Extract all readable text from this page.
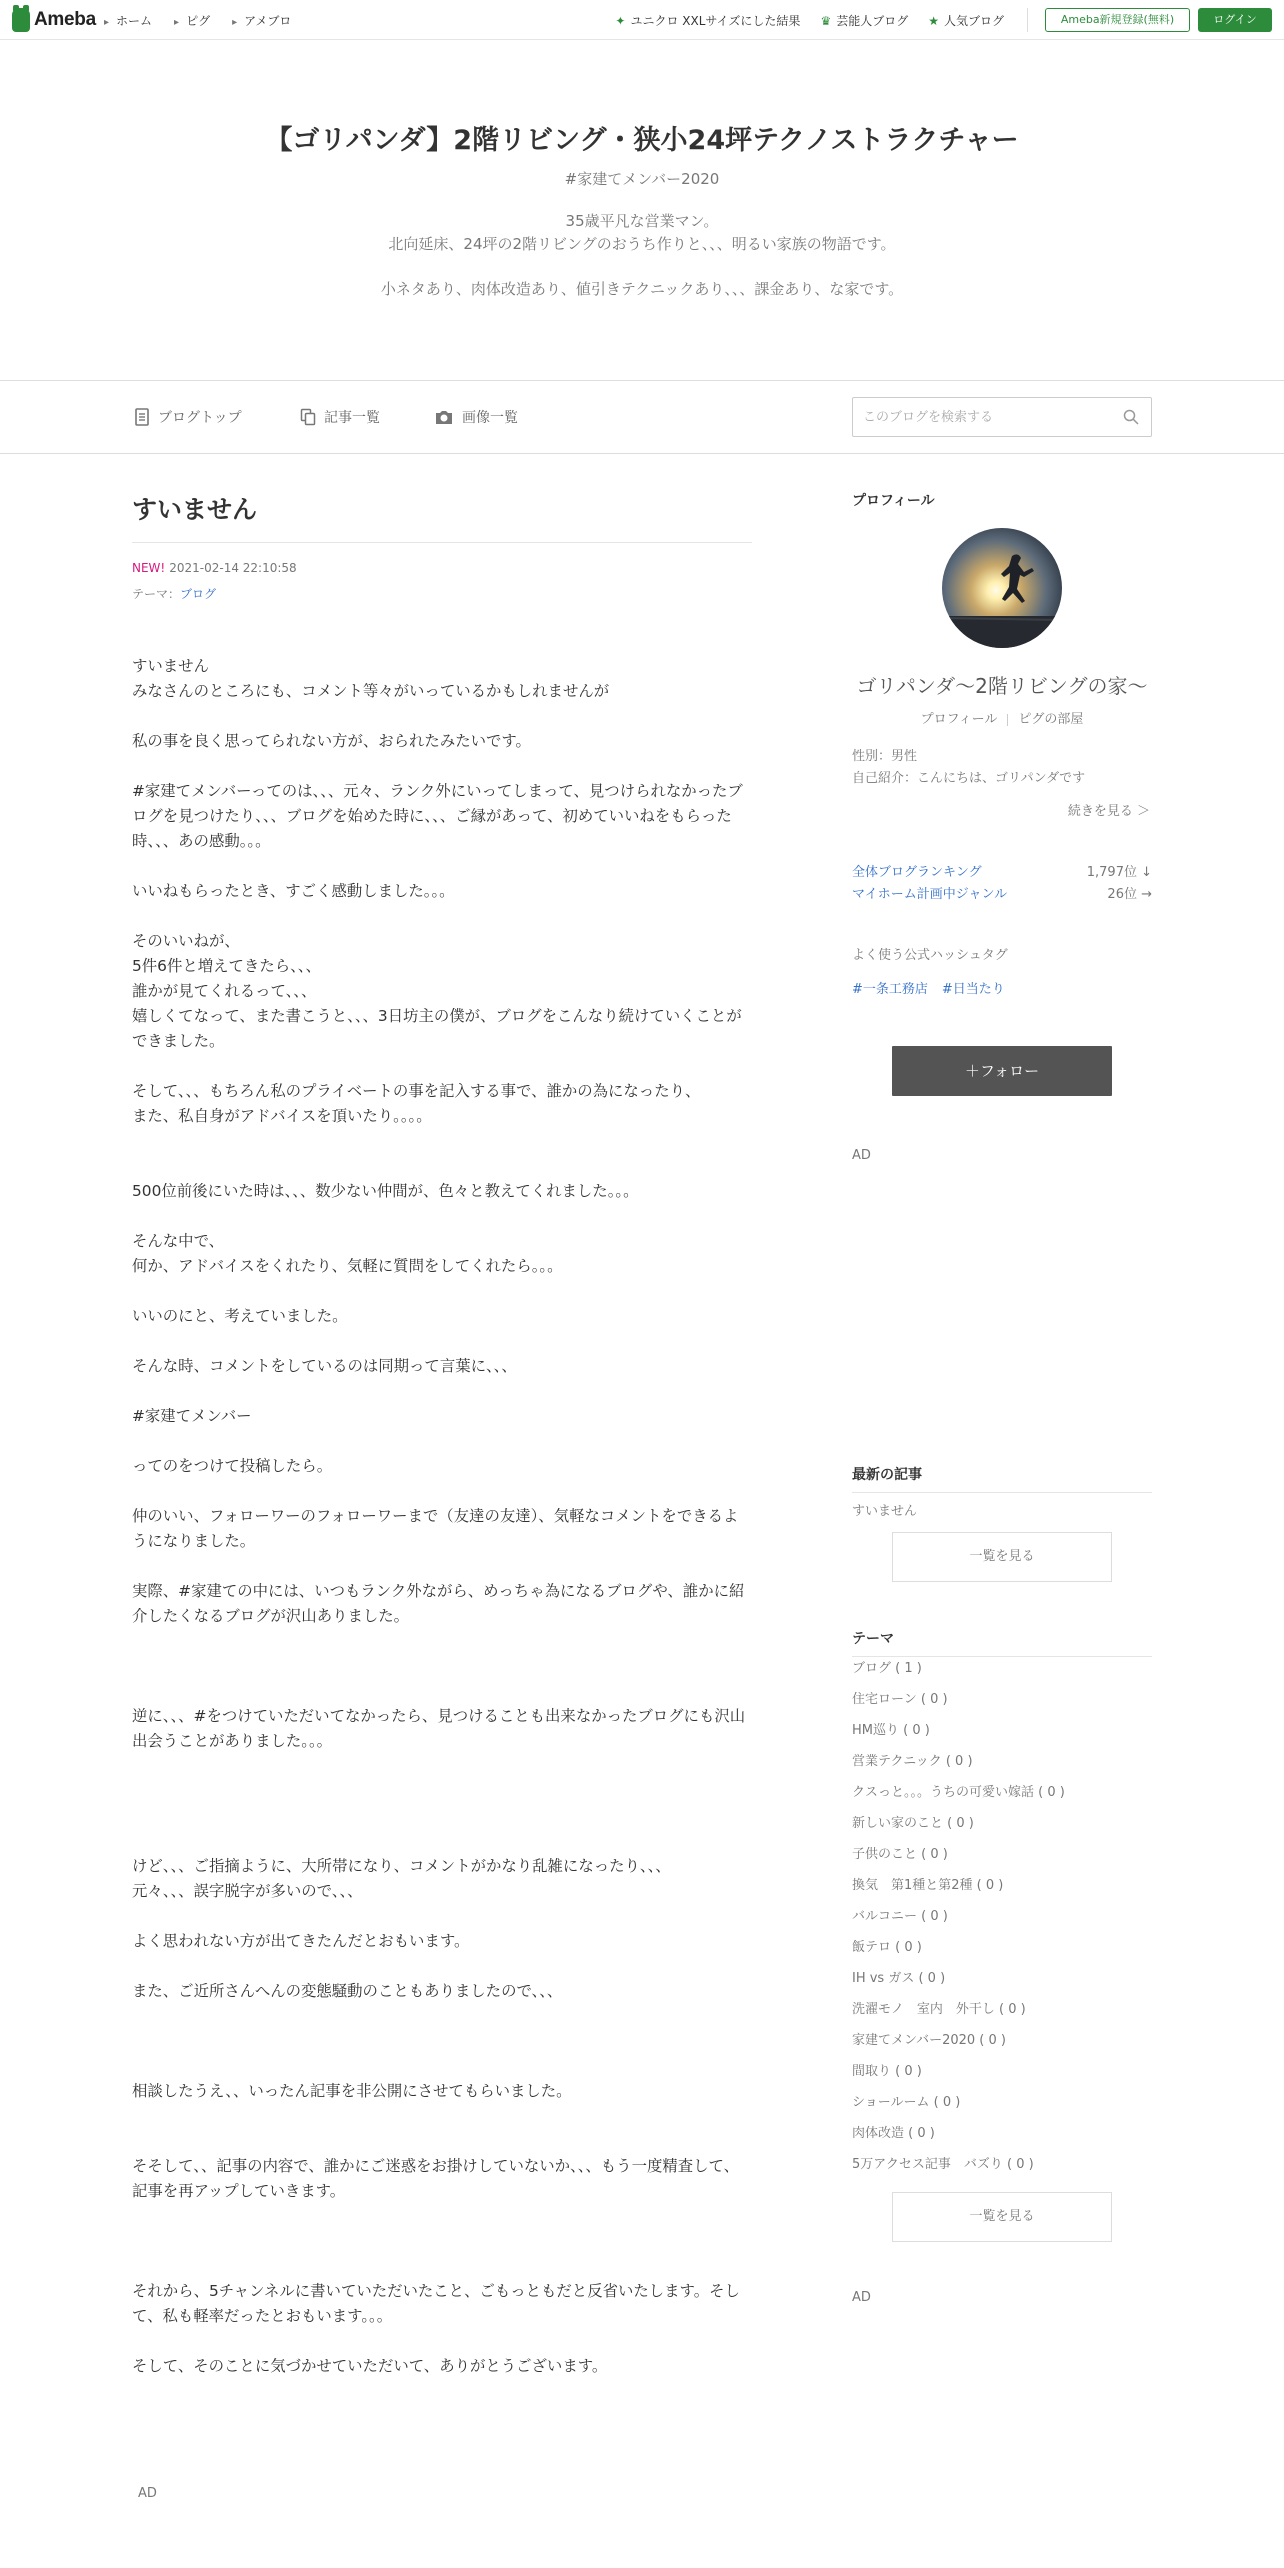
Ameba	▸ ホーム	▸ ピグ	▸ アメブロ	✦ ユニクロ XXLサイズにした結果 ♛ 芸能人ブログ ★ 人気ブログ	Ameba新規登録(無料)	ログイン
【ゴリパンダ】2階リビング・狭小24坪テクノストラクチャー
#家建てメンバー2020
35歳平凡な営業マン。
北向延床、24坪の2階リビングのおうち作りと、、、明るい家族の物語です。
小ネタあり、肉体改造あり、値引きテクニックあり、、、課金あり、な家です。
ブログトップ	記事一覧	画像一覧
このブログを検索する
すいません
NEW! 2021-02-14 22:10:58
テーマ：ブログ
すいません
みなさんのところにも、コメント等々がいっているかもしれませんが

私の事を良く思ってられない方が、おられたみたいです。

#家建てメンバーってのは、、、元々、ランク外にいってしまって、見つけられなかったブログを見つけたり、、、ブログを始めた時に、、、ご縁があって、初めていいねをもらった時、、、あの感動。。。

いいねもらったとき、すごく感動しました。。。

そのいいねが、
5件6件と増えてきたら、、、
誰かが見てくれるって、、、
嬉しくてなって、また書こうと、、、3日坊主の僕が、ブログをこんなり続けていくことができました。

そして、、、もちろん私のプライベートの事を記入する事で、誰かの為になったり、
また、私自身がアドバイスを頂いたり。。。。

500位前後にいた時は、、、数少ない仲間が、色々と教えてくれました。。。

そんな中で、
何か、アドバイスをくれたり、気軽に質問をしてくれたら。。。

いいのにと、考えていました。

そんな時、コメントをしているのは同期って言葉に、、、

#家建てメンバー

ってのをつけて投稿したら。

仲のいい、フォローワーのフォローワーまで（友達の友達）、気軽なコメントをできるようになりました。

実際、#家建ての中には、いつもランク外ながら、めっちゃ為になるブログや、誰かに紹介したくなるブログが沢山ありました。

逆に、、、#をつけていただいてなかったら、見つけることも出来なかったブログにも沢山出会うことがありました。。。

けど、、、ご指摘ように、大所帯になり、コメントがかなり乱雑になったり、、、
元々、、、誤字脱字が多いので、、、

よく思われない方が出てきたんだとおもいます。

また、ご近所さんへんの変態騒動のこともありましたので、、、

相談したうえ、、いったん記事を非公開にさせてもらいました。

そそして、、記事の内容で、誰かにご迷惑をお掛けしていないか、、、もう一度精査して、記事を再アップしていきます。

それから、5チャンネルに書いていただいたこと、ごもっともだと反省いたします。そして、私も軽率だったとおもいます。。。

そして、そのことに気づかせていただいて、ありがとうございます。
AD
プロフィール
ゴリパンダ〜2階リビングの家〜
プロフィール ピグの部屋
性別：男性
自己紹介：こんにちは、ゴリパンダです
続きを見る ＞
全体ブログランキング	1,797位 ↓
マイホーム計画中ジャンル	26位 →
よく使う公式ハッシュタグ
#一条工務店 #日当たり
＋フォロー
AD
最新の記事
すいません
一覧を見る
テーマ
ブログ ( 1 )
住宅ローン ( 0 )
HM巡り ( 0 )
営業テクニック ( 0 )
クスっと。。。うちの可愛い嫁話 ( 0 )
新しい家のこと ( 0 )
子供のこと ( 0 )
換気　第1種と第2種 ( 0 )
バルコニー ( 0 )
飯テロ ( 0 )
IH vs ガス ( 0 )
洗濯モノ　室内　外干し ( 0 )
家建てメンバー2020 ( 0 )
間取り ( 0 )
ショールーム ( 0 )
肉体改造 ( 0 )
5万アクセス記事　バズり ( 0 )
一覧を見る
AD
